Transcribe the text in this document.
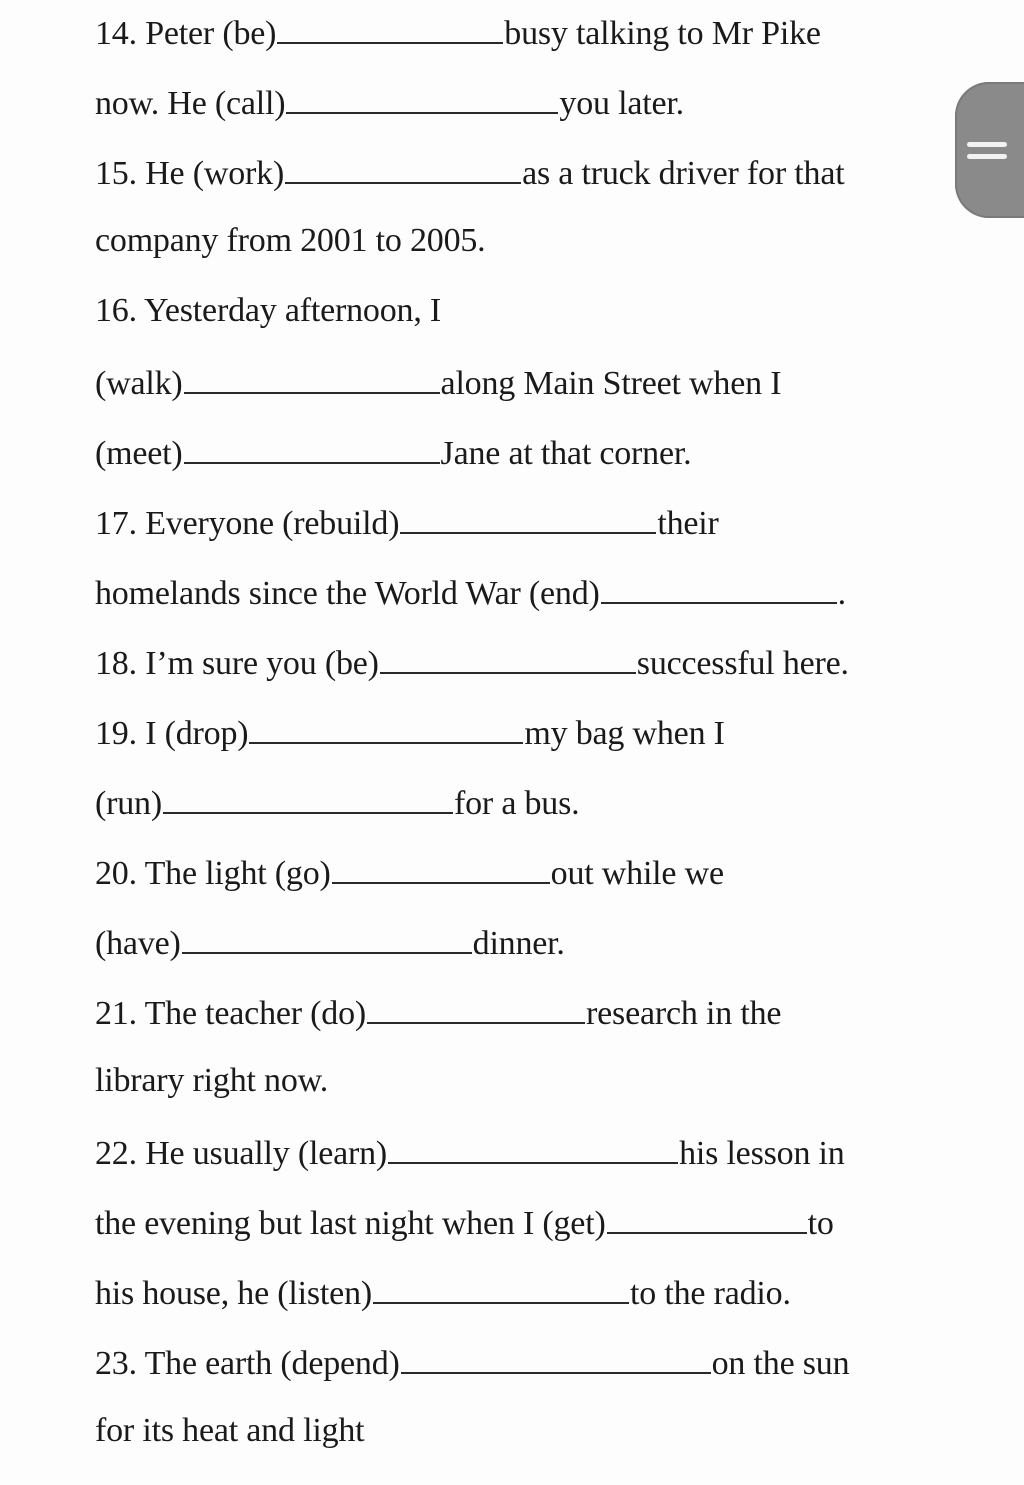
14. Peter (be)	busy talking to Mr Pike
now. He (call)	you later.
15. He (work)	as a truck driver for that
company from 2001 to 2005.
16. Yesterday afternoon, I
(walk)	along Main Street when I
(meet)	Jane at that corner.
17. Everyone (rebuild)	their
homelands since the World War (end)	.
18. I’m sure you (be)	successful here.
19. I (drop)	my bag when I
(run)	for a bus.
20. The light (go)	out while we
(have)	dinner.
21. The teacher (do)	research in the
library right now.
22. He usually (learn)	his lesson in
the evening but last night when I (get)	to
his house, he (listen)	to the radio.
23. The earth (depend)	on the sun
for its heat and light
